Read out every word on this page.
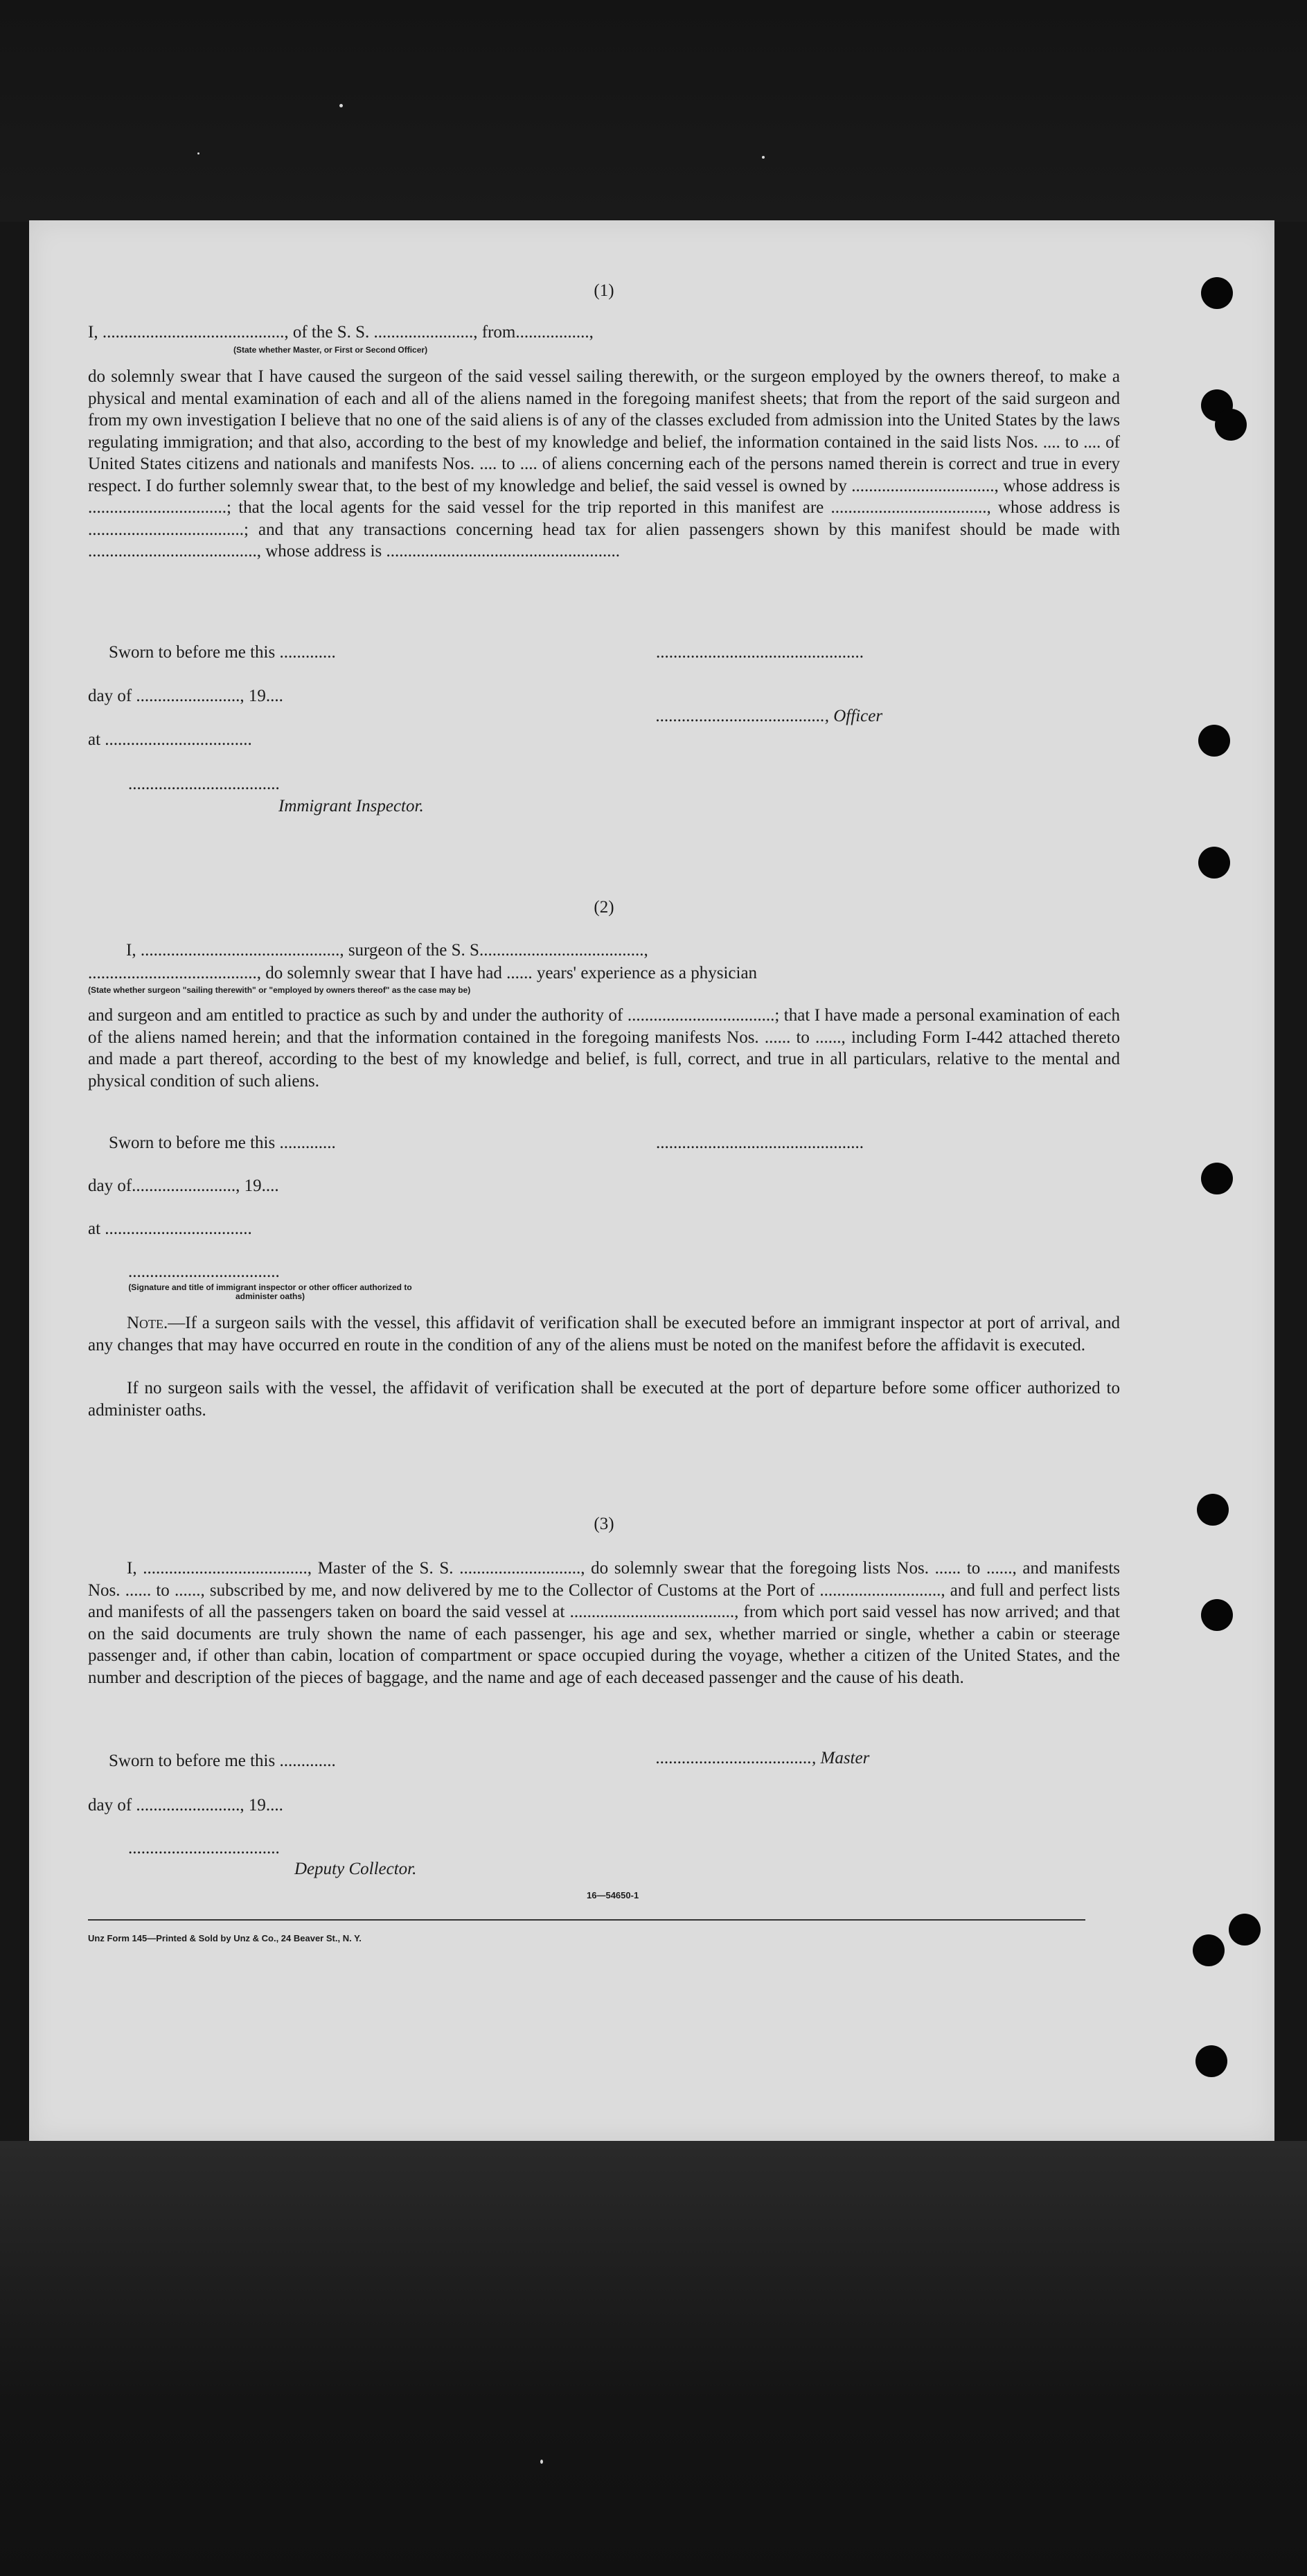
(1)
I, .........................................., of the S. S. ......................., from.................,
(State whether Master, or First or Second Officer)
do solemnly swear that I have caused the surgeon of the said vessel sailing therewith, or the surgeon employed by the owners thereof, to make a physical and mental examination of each and all of the aliens named in the foregoing manifest sheets; that from the report of the said surgeon and from my own investigation I believe that no one of the said aliens is of any of the classes excluded from admission into the United States by the laws regulating immigration; and that also, according to the best of my knowledge and belief, the information contained in the said lists Nos. .... to .... of United States citizens and nationals and manifests Nos. .... to .... of aliens concerning each of the persons named therein is correct and true in every respect. I do further solemnly swear that, to the best of my knowledge and belief, the said vessel is owned by ................................., whose address is ................................; that the local agents for the said vessel for the trip reported in this manifest are ...................................., whose address is ....................................; and that any transactions concerning head tax for alien passengers shown by this manifest should be made with ......................................., whose address is ......................................................
Sworn to before me this .............	................................................
day of ........................, 19....
......................................., Officer
at ..................................
...................................
Immigrant Inspector.
(2)
I, .............................................., surgeon of the S. S......................................,
......................................., do solemnly swear that I have had ...... years' experience as a physician
(State whether surgeon "sailing therewith" or "employed by owners thereof" as the case may be)
and surgeon and am entitled to practice as such by and under the authority of ..................................; that I have made a personal examination of each of the aliens named herein; and that the information contained in the foregoing manifests Nos. ...... to ......, including Form I-442 attached thereto and made a part thereof, according to the best of my knowledge and belief, is full, correct, and true in all particulars, relative to the mental and physical condition of such aliens.
Sworn to before me this .............	................................................
day of........................, 19....
at ..................................
...................................
(Signature and title of immigrant inspector or other officer authorized to administer oaths)
Note.—If a surgeon sails with the vessel, this affidavit of verification shall be executed before an immigrant inspector at port of arrival, and any changes that may have occurred en route in the condition of any of the aliens must be noted on the manifest before the affidavit is executed.
If no surgeon sails with the vessel, the affidavit of verification shall be executed at the port of departure before some officer authorized to administer oaths.
(3)
I, ......................................, Master of the S. S. ............................, do solemnly swear that the foregoing lists Nos. ...... to ......, and manifests Nos. ...... to ......, subscribed by me, and now delivered by me to the Collector of Customs at the Port of ............................, and full and perfect lists and manifests of all the passengers taken on board the said vessel at ......................................, from which port said vessel has now arrived; and that on the said documents are truly shown the name of each passenger, his age and sex, whether married or single, whether a cabin or steerage passenger and, if other than cabin, location of compartment or space occupied during the voyage, whether a citizen of the United States, and the number and description of the pieces of baggage, and the name and age of each deceased passenger and the cause of his death.
Sworn to before me this .............	...................................., Master
day of ........................, 19....
...................................
Deputy Collector.
16—54650-1
Unz Form 145—Printed & Sold by Unz & Co., 24 Beaver St., N. Y.
